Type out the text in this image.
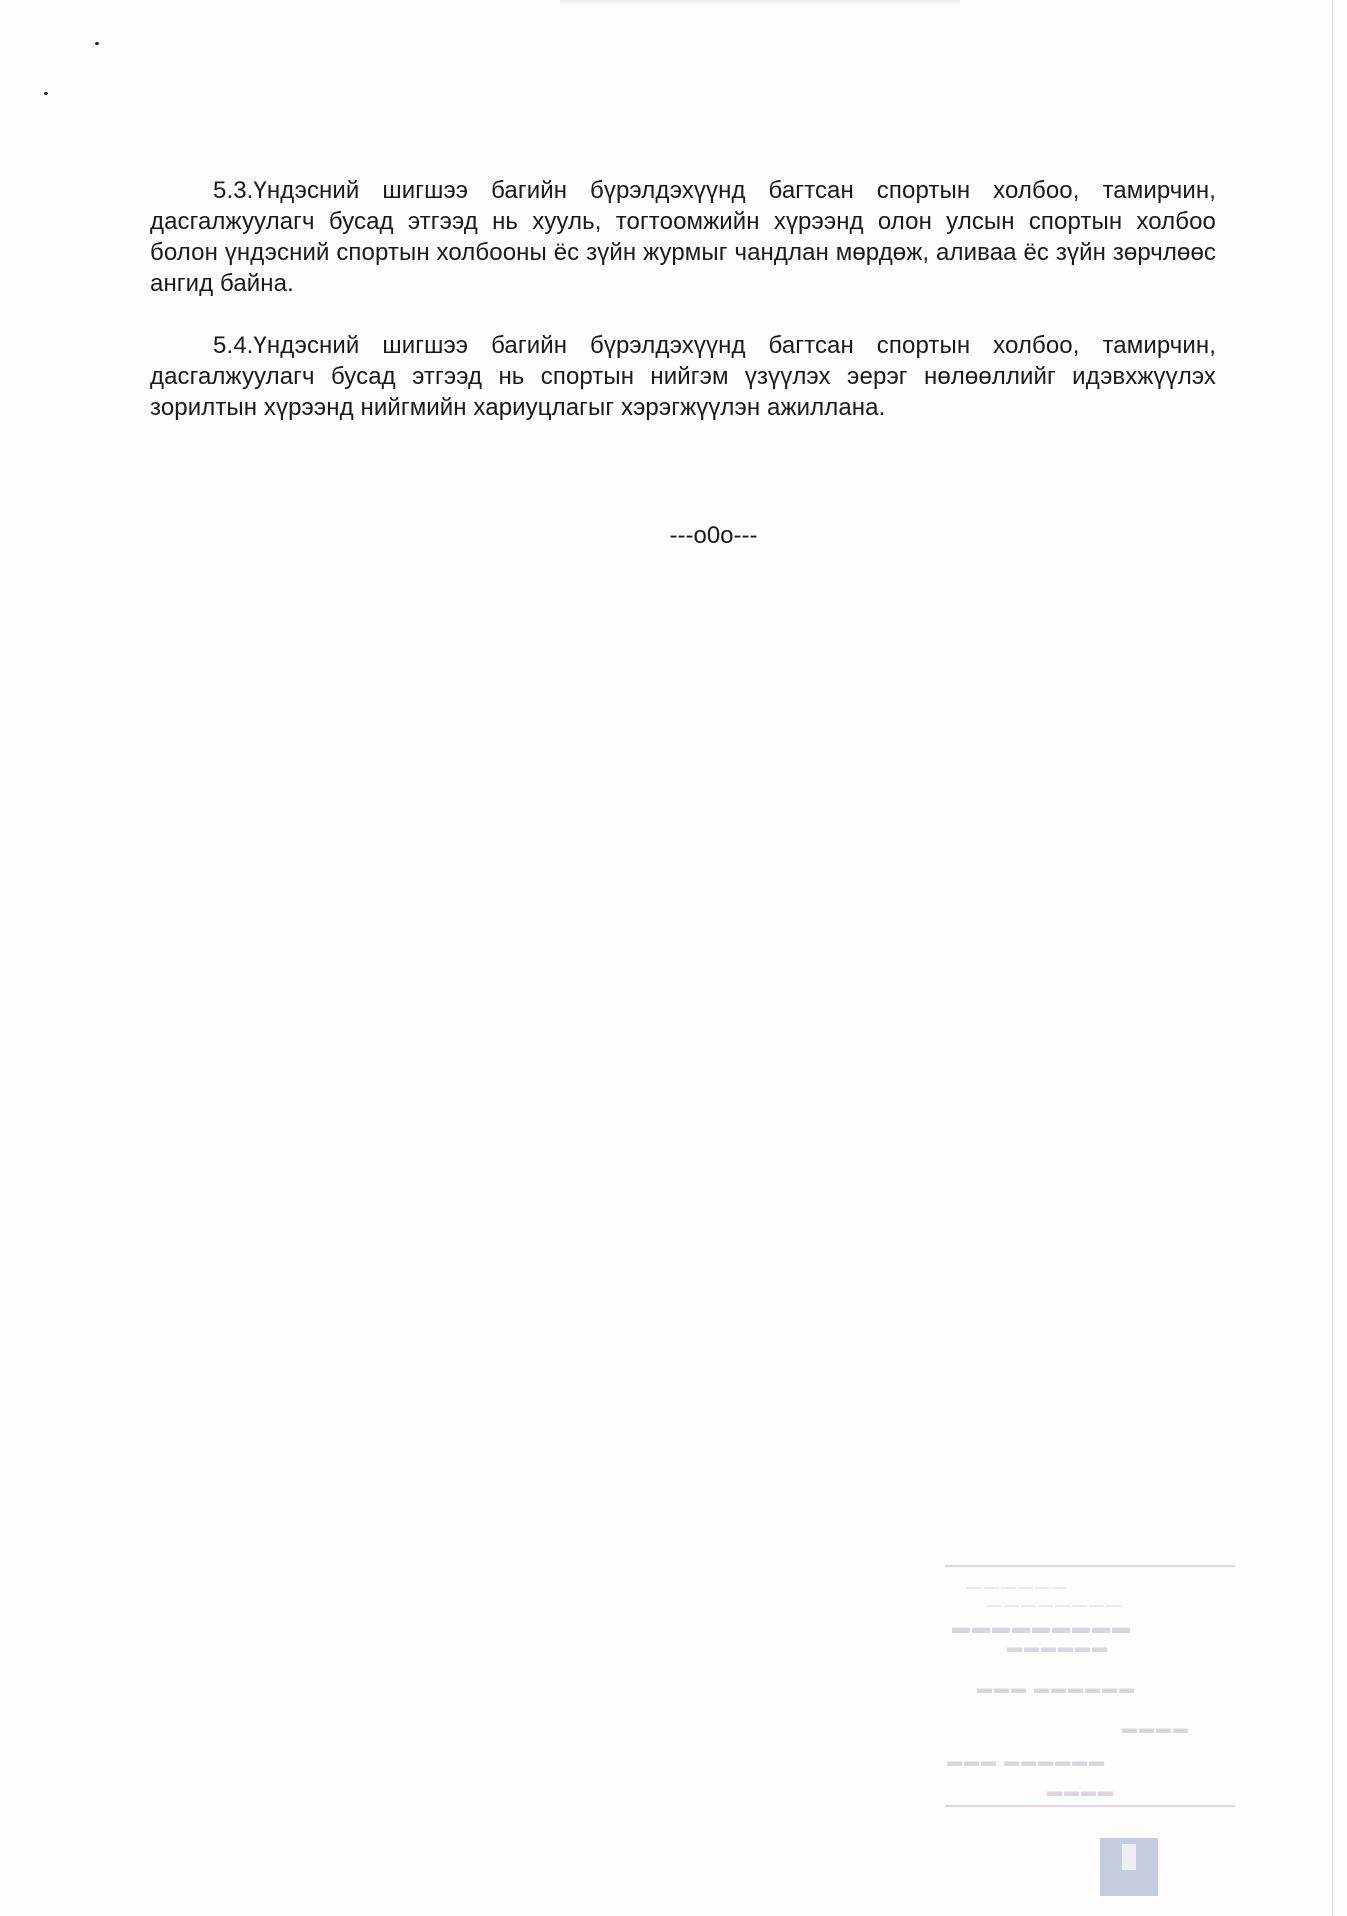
5.3.Үндэсний шигшээ багийн бүрэлдэхүүнд багтсан спортын холбоо, тамирчин, дасгалжуулагч бусад этгээд нь хууль, тогтоомжийн хүрээнд олон улсын спортын холбоо болон үндэсний спортын холбооны ёс зүйн журмыг чандлан мөрдөж, аливаа ёс зүйн зөрчлөөс ангид байна.

5.4.Үндэсний шигшээ багийн бүрэлдэхүүнд багтсан спортын холбоо, тамирчин, дасгалжуулагч бусад этгээд нь спортын нийгэм үзүүлэх эерэг нөлөөллийг идэвхжүүлэх зорилтын хүрээнд нийгмийн хариуцлагыг хэрэгжүүлэн ажиллана.

---o0o---
——————
————————
▬▬▬▬▬▬▬▬▬
▬▬▬▬▬▬
▬▬▬▬▬▬ ▬▬▬
▬▬▬▬
▬▬▬▬▬▬ ▬▬▬
▬▬▬▬
